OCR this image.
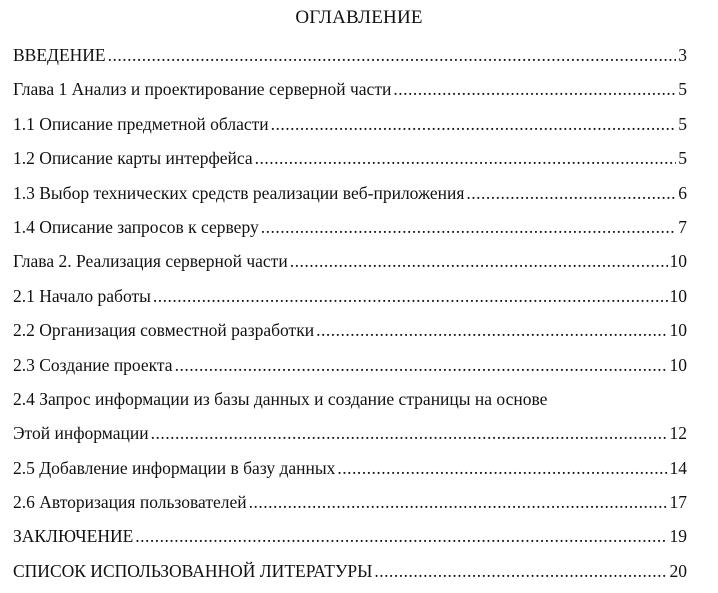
ОГЛАВЛЕНИЕ
ВВЕДЕНИЕ .....	3
Глава 1 Анализ и проектирование серверной части .....	5
1.1 Описание предметной области .....	5
1.2 Описание карты интерфейса .....	5
1.3 Выбор технических средств реализации веб-приложения .....	6
1.4 Описание запросов к серверу .....	7
Глава 2. Реализация серверной части .....	10
2.1 Начало работы .....	10
2.2 Организация совместной разработки .....	10
2.3 Создание проекта .....	10
2.4 Запрос информации из базы данных и создание страницы на основе
Этой информации .....	12
2.5 Добавление информации в базу данных .....	14
2.6 Авторизация пользователей .....	17
ЗАКЛЮЧЕНИЕ .....	19
СПИСОК ИСПОЛЬЗОВАННОЙ ЛИТЕРАТУРЫ .....	20
